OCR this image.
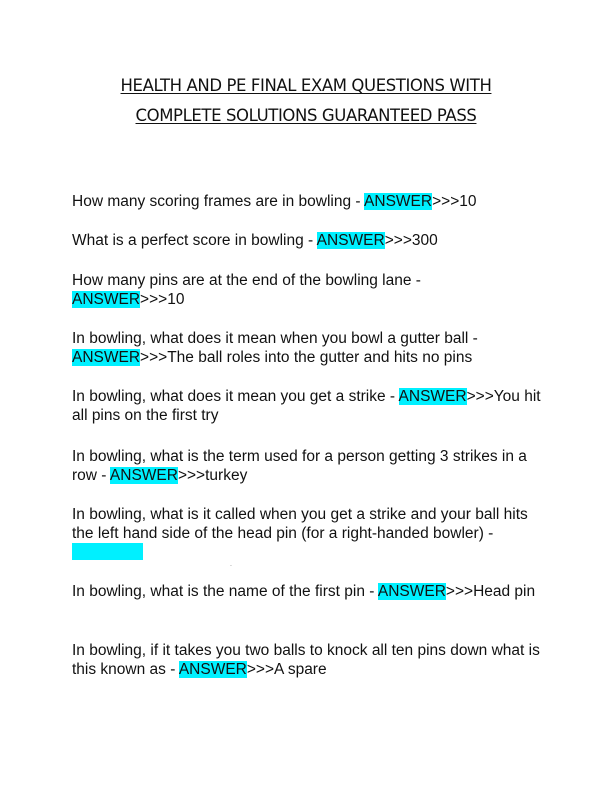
HEALTH AND PE FINAL EXAM QUESTIONS WITH
COMPLETE SOLUTIONS GUARANTEED PASS

How many scoring frames are in bowling - ANSWER>>>10

What is a perfect score in bowling - ANSWER>>>300

How many pins are at the end of the bowling lane -
ANSWER>>>10

In bowling, what does it mean when you bowl a gutter ball -
ANSWER>>>The ball roles into the gutter and hits no pins

In bowling, what does it mean you get a strike - ANSWER>>>You hit all pins on the first try

In bowling, what is the term used for a person getting 3 strikes in a row - ANSWER>>>turkey

In bowling, what is it called when you get a strike and your ball hits the left hand side of the head pin (for a right-handed bowler) -

.

In bowling, what is the name of the first pin - ANSWER>>>Head pin

In bowling, if it takes you two balls to knock all ten pins down what is this known as - ANSWER>>>A spare
